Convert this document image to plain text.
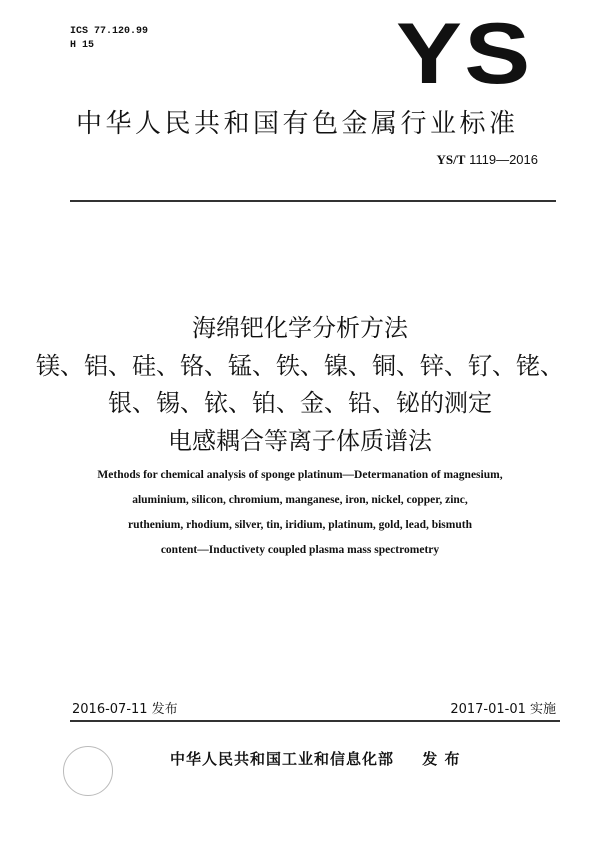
ICS 77.120.99
H 15	YS
中华人民共和国有色金属行业标准
YS/T 1119—2016
海绵钯化学分析方法
镁、铝、硅、铬、锰、铁、镍、铜、锌、钌、铑、
银、锡、铱、铂、金、铅、铋的测定
电感耦合等离子体质谱法
Methods for chemical analysis of sponge platinum—Determanation of magnesium,
aluminium, silicon, chromium, manganese, iron, nickel, copper, zinc,
ruthenium, rhodium, silver, tin, iridium, platinum, gold, lead, bismuth
content—Inductivety coupled plasma mass spectrometry
2016-07-11 发布	2017-01-01 实施
中华人民共和国工业和信息化部 发 布
